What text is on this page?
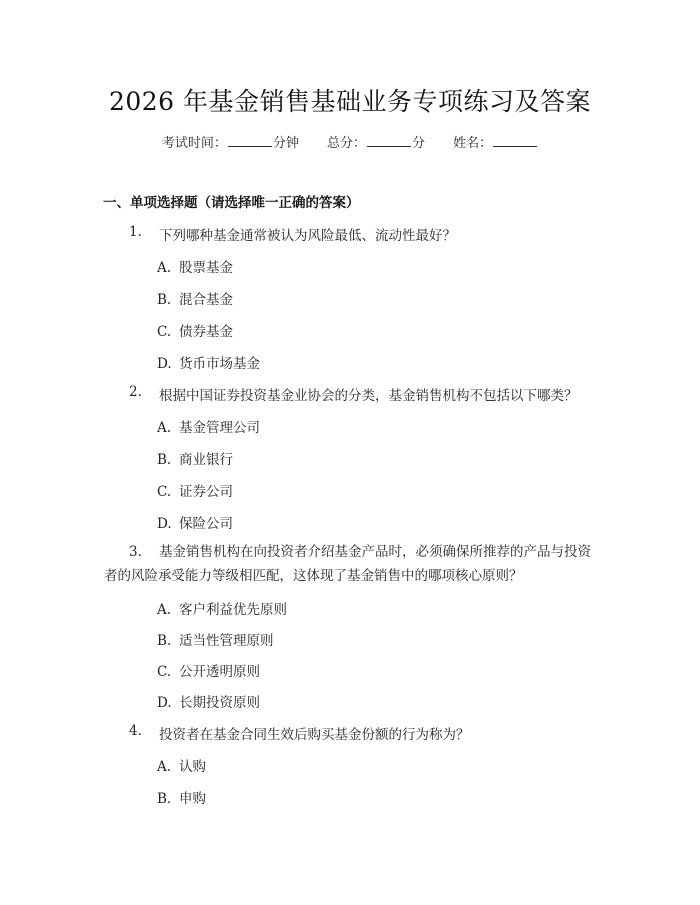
2026 年基金销售基础业务专项练习及答案
考试时间：	分钟 总分：	分 姓名：
一、单项选择题（请选择唯一正确的答案）
1. 下列哪种基金通常被认为风险最低、流动性最好？
A. 股票基金
B. 混合基金
C. 债券基金
D. 货币市场基金
2. 根据中国证券投资基金业协会的分类，基金销售机构不包括以下哪类？
A. 基金管理公司
B. 商业银行
C. 证券公司
D. 保险公司
3. 基金销售机构在向投资者介绍基金产品时，必须确保所推荐的产品与投资者的风险承受能力等级相匹配，这体现了基金销售中的哪项核心原则？
A. 客户利益优先原则
B. 适当性管理原则
C. 公开透明原则
D. 长期投资原则
4. 投资者在基金合同生效后购买基金份额的行为称为？
A. 认购
B. 申购
